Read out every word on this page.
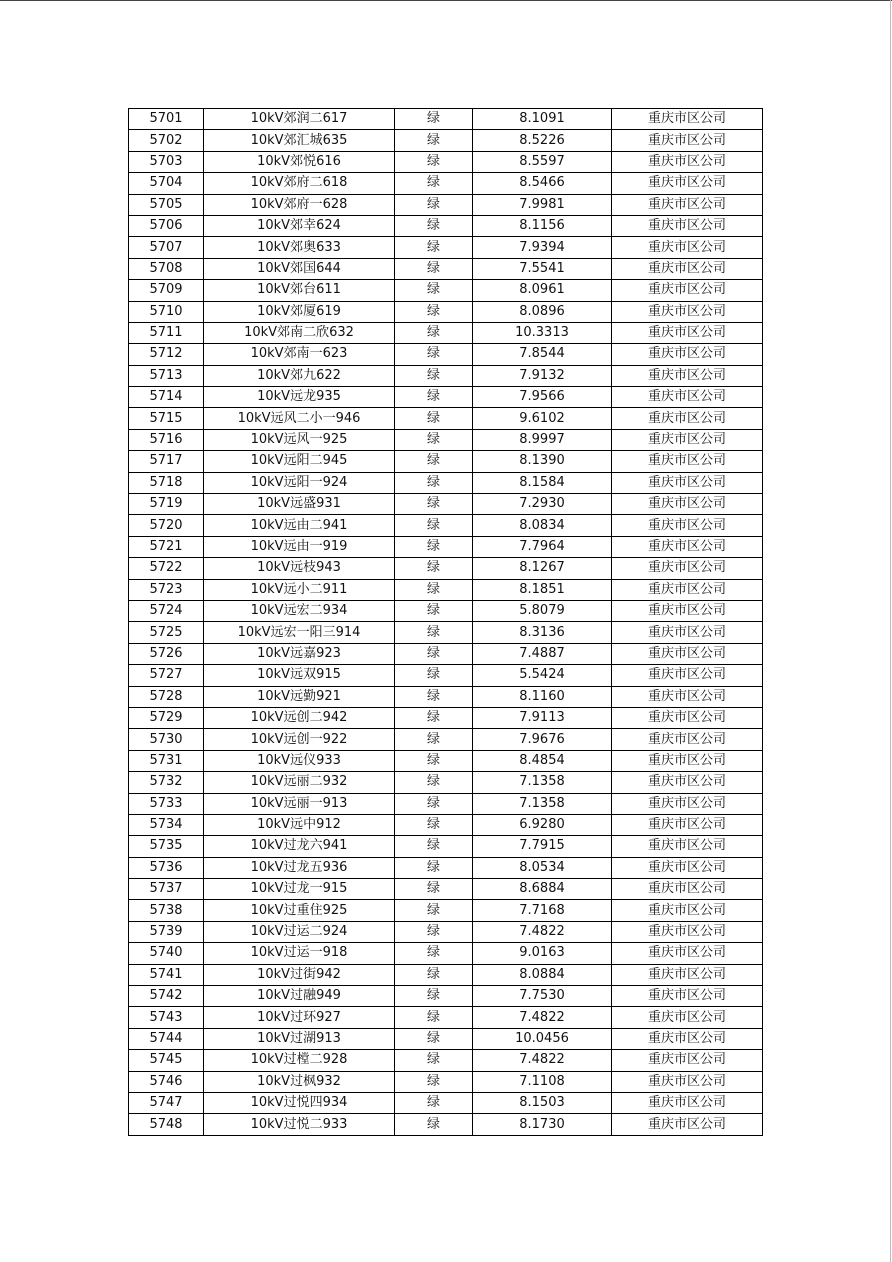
5701	10kV郊润二617	绿	8.1091	重庆市区公司
5702	10kV郊汇城635	绿	8.5226	重庆市区公司
5703	10kV郊悦616	绿	8.5597	重庆市区公司
5704	10kV郊府二618	绿	8.5466	重庆市区公司
5705	10kV郊府一628	绿	7.9981	重庆市区公司
5706	10kV郊幸624	绿	8.1156	重庆市区公司
5707	10kV郊奥633	绿	7.9394	重庆市区公司
5708	10kV郊国644	绿	7.5541	重庆市区公司
5709	10kV郊台611	绿	8.0961	重庆市区公司
5710	10kV郊厦619	绿	8.0896	重庆市区公司
5711	10kV郊南二欣632	绿	10.3313	重庆市区公司
5712	10kV郊南一623	绿	7.8544	重庆市区公司
5713	10kV郊九622	绿	7.9132	重庆市区公司
5714	10kV远龙935	绿	7.9566	重庆市区公司
5715	10kV远风二小一946	绿	9.6102	重庆市区公司
5716	10kV远风一925	绿	8.9997	重庆市区公司
5717	10kV远阳二945	绿	8.1390	重庆市区公司
5718	10kV远阳一924	绿	8.1584	重庆市区公司
5719	10kV远盛931	绿	7.2930	重庆市区公司
5720	10kV远由二941	绿	8.0834	重庆市区公司
5721	10kV远由一919	绿	7.7964	重庆市区公司
5722	10kV远枝943	绿	8.1267	重庆市区公司
5723	10kV远小二911	绿	8.1851	重庆市区公司
5724	10kV远宏二934	绿	5.8079	重庆市区公司
5725	10kV远宏一阳三914	绿	8.3136	重庆市区公司
5726	10kV远嘉923	绿	7.4887	重庆市区公司
5727	10kV远双915	绿	5.5424	重庆市区公司
5728	10kV远勤921	绿	8.1160	重庆市区公司
5729	10kV远创二942	绿	7.9113	重庆市区公司
5730	10kV远创一922	绿	7.9676	重庆市区公司
5731	10kV远仪933	绿	8.4854	重庆市区公司
5732	10kV远丽二932	绿	7.1358	重庆市区公司
5733	10kV远丽一913	绿	7.1358	重庆市区公司
5734	10kV远中912	绿	6.9280	重庆市区公司
5735	10kV过龙六941	绿	7.7915	重庆市区公司
5736	10kV过龙五936	绿	8.0534	重庆市区公司
5737	10kV过龙一915	绿	8.6884	重庆市区公司
5738	10kV过重住925	绿	7.7168	重庆市区公司
5739	10kV过运二924	绿	7.4822	重庆市区公司
5740	10kV过运一918	绿	9.0163	重庆市区公司
5741	10kV过街942	绿	8.0884	重庆市区公司
5742	10kV过融949	绿	7.7530	重庆市区公司
5743	10kV过环927	绿	7.4822	重庆市区公司
5744	10kV过湖913	绿	10.0456	重庆市区公司
5745	10kV过樘二928	绿	7.4822	重庆市区公司
5746	10kV过枫932	绿	7.1108	重庆市区公司
5747	10kV过悦四934	绿	8.1503	重庆市区公司
5748	10kV过悦二933	绿	8.1730	重庆市区公司
